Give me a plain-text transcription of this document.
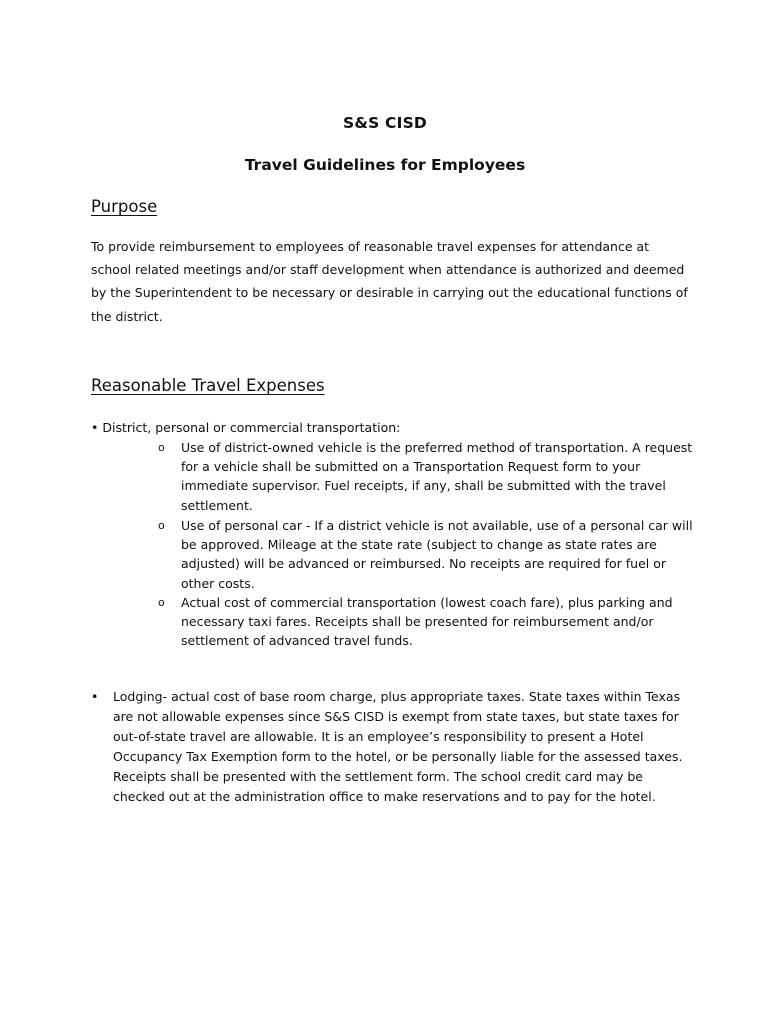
S&S CISD
Travel Guidelines for Employees
Purpose

To provide reimbursement to employees of reasonable travel expenses for attendance at school related meetings and/or staff development when attendance is authorized and deemed by the Superintendent to be necessary or desirable in carrying out the educational functions of the district.

Reasonable Travel Expenses
• District, personal or commercial transportation:
o Use of district-owned vehicle is the preferred method of transportation. A request for a vehicle shall be submitted on a Transportation Request form to your immediate supervisor. Fuel receipts, if any, shall be submitted with the travel settlement.
o Use of personal car - If a district vehicle is not available, use of a personal car will be approved. Mileage at the state rate (subject to change as state rates are adjusted) will be advanced or reimbursed. No receipts are required for fuel or other costs.
o Actual cost of commercial transportation (lowest coach fare), plus parking and necessary taxi fares. Receipts shall be presented for reimbursement and/or settlement of advanced travel funds.
• Lodging- actual cost of base room charge, plus appropriate taxes. State taxes within Texas are not allowable expenses since S&S CISD is exempt from state taxes, but state taxes for out-of-state travel are allowable. It is an employee’s responsibility to present a Hotel Occupancy Tax Exemption form to the hotel, or be personally liable for the assessed taxes. Receipts shall be presented with the settlement form. The school credit card may be checked out at the administration office to make reservations and to pay for the hotel.
